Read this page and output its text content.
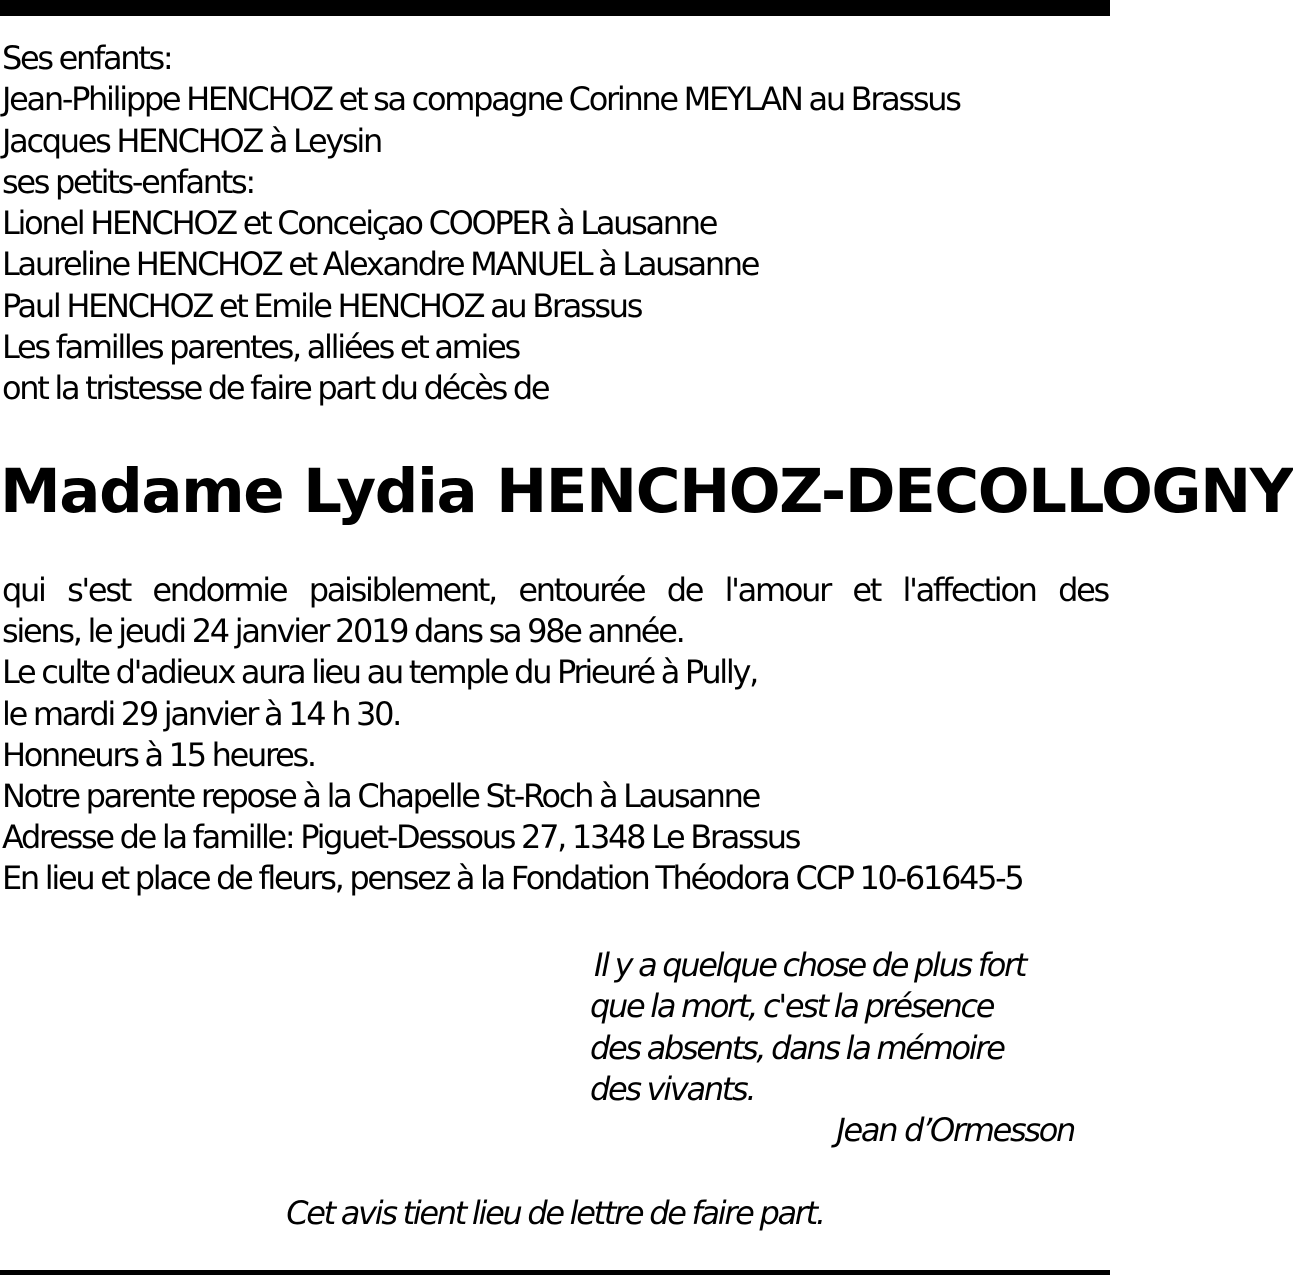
Ses enfants:
Jean-Philippe HENCHOZ et sa compagne Corinne MEYLAN au Brassus
Jacques HENCHOZ à Leysin
ses petits-enfants:
Lionel HENCHOZ et Conceiçao COOPER à Lausanne
Laureline HENCHOZ et Alexandre MANUEL à Lausanne
Paul HENCHOZ et Emile HENCHOZ au Brassus
Les familles parentes, alliées et amies
ont la tristesse de faire part du décès de
Madame Lydia HENCHOZ-DECOLLOGNY
qui s'est endormie paisiblement, entourée de l'amour et l'affection des
siens, le jeudi 24 janvier 2019 dans sa 98e année.
Le culte d'adieux aura lieu au temple du Prieuré à Pully,
le mardi 29 janvier à 14 h 30.
Honneurs à 15 heures.
Notre parente repose à la Chapelle St-Roch à Lausanne
Adresse de la famille: Piguet-Dessous 27, 1348 Le Brassus
En lieu et place de fleurs, pensez à la Fondation Théodora CCP 10-61645-5
Il y a quelque chose de plus fort
que la mort, c'est la présence
des absents, dans la mémoire
des vivants.

Jean d’Ormesson

Cet avis tient lieu de lettre de faire part.
